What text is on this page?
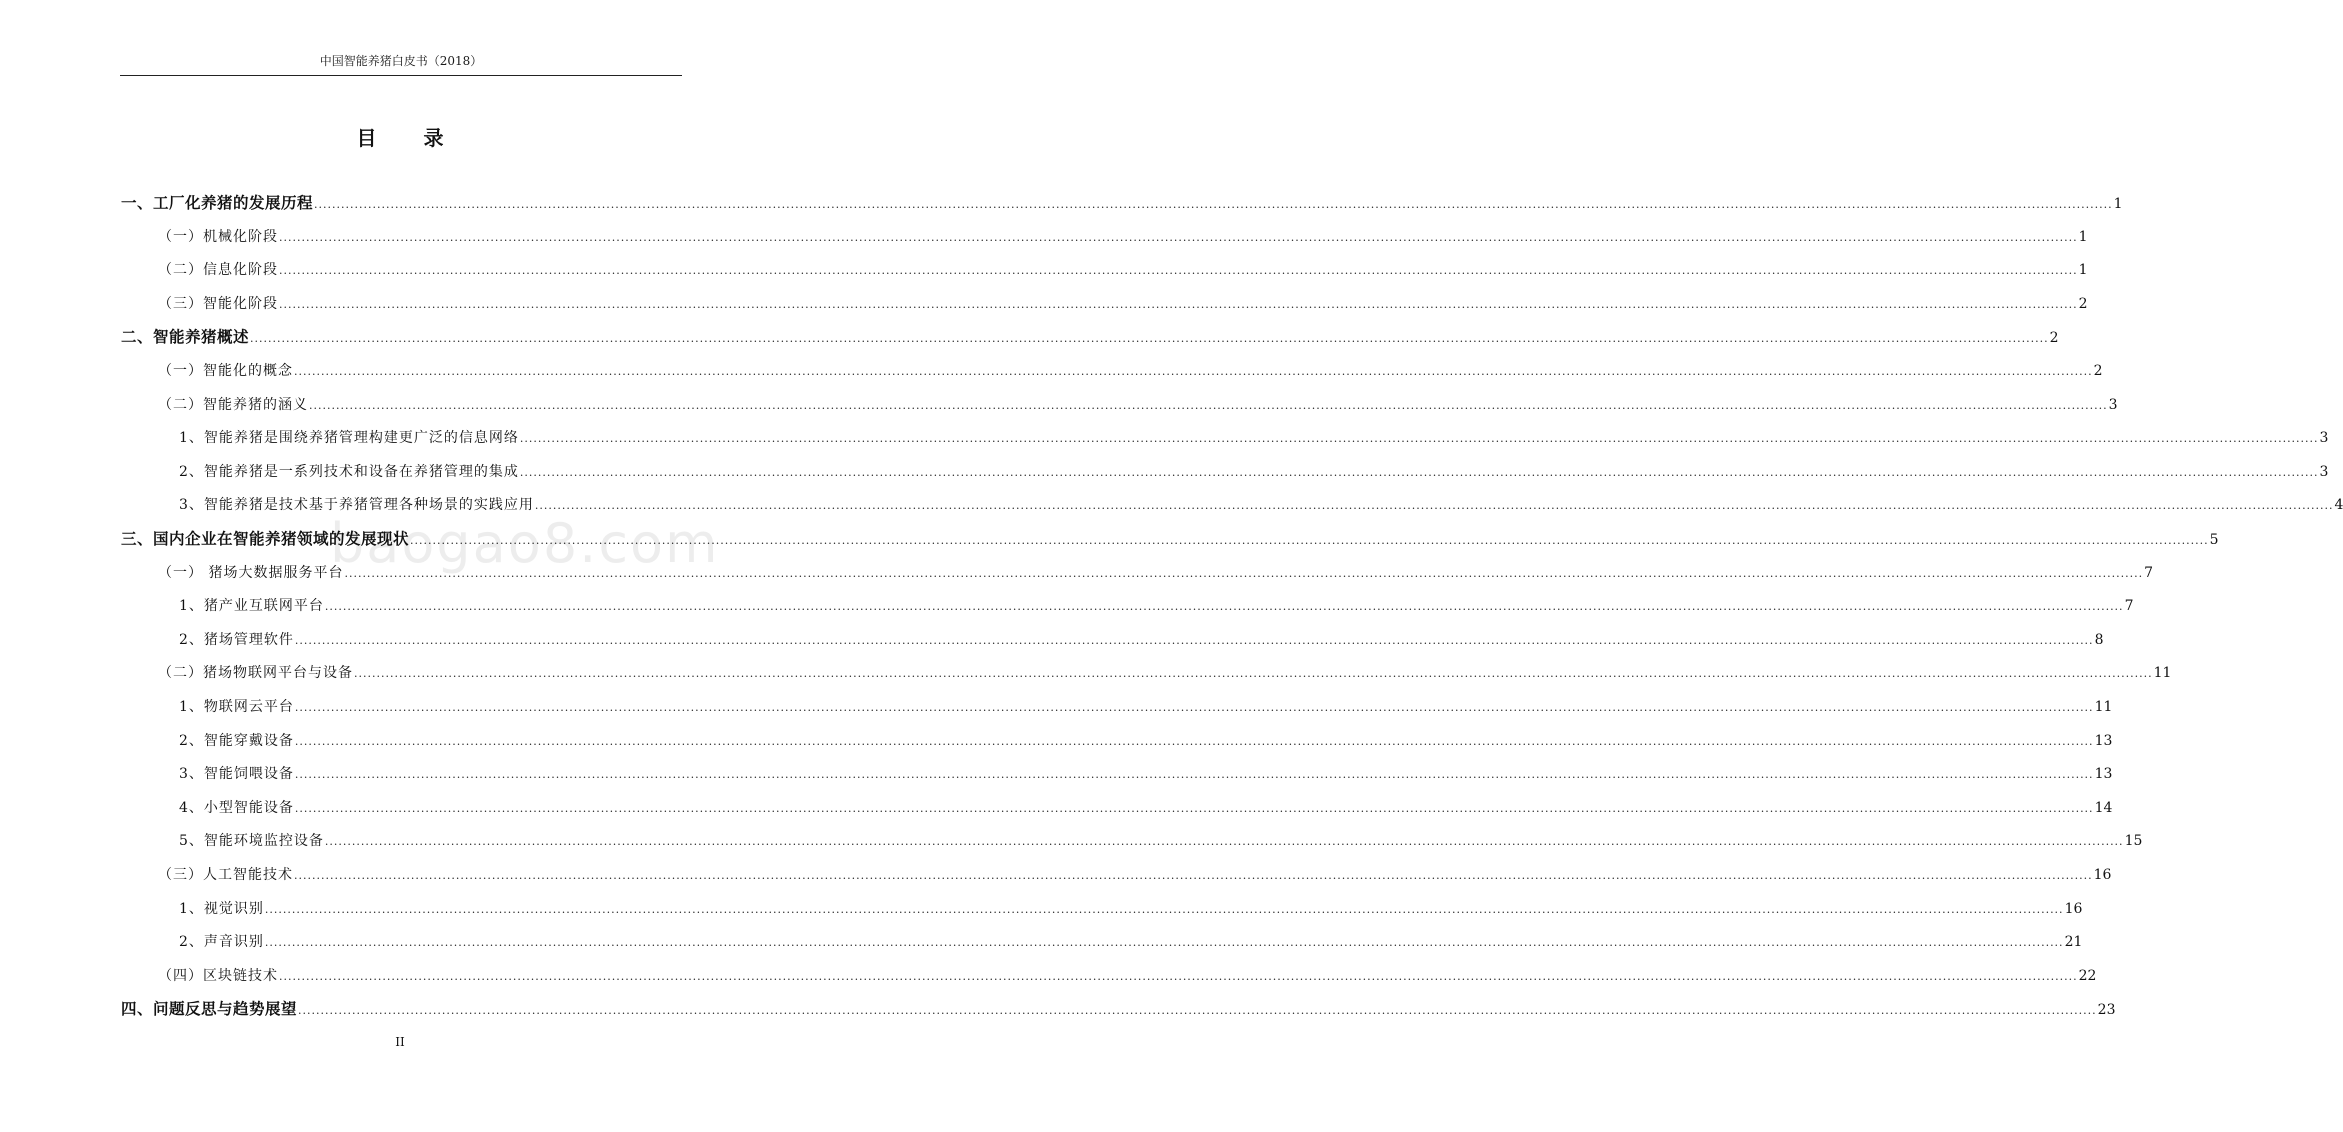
中国智能养猪白皮书（2018）
目 录
baogao8.com
一、工厂化养猪的发展历程 ................................................................................................................................................................................................................................................................................................................................................................................................................ 1
（一）机械化阶段 ................................................................................................................................................................................................................................................................................................................................................................................................................ 1
（二）信息化阶段 ................................................................................................................................................................................................................................................................................................................................................................................................................ 1
（三）智能化阶段 ................................................................................................................................................................................................................................................................................................................................................................................................................ 2
二、智能养猪概述 ................................................................................................................................................................................................................................................................................................................................................................................................................ 2
（一）智能化的概念 ................................................................................................................................................................................................................................................................................................................................................................................................................ 2
（二）智能养猪的涵义 ................................................................................................................................................................................................................................................................................................................................................................................................................ 3
1、智能养猪是围绕养猪管理构建更广泛的信息网络 ................................................................................................................................................................................................................................................................................................................................................................................................................ 3
2、智能养猪是一系列技术和设备在养猪管理的集成 ................................................................................................................................................................................................................................................................................................................................................................................................................ 3
3、智能养猪是技术基于养猪管理各种场景的实践应用 ................................................................................................................................................................................................................................................................................................................................................................................................................ 4
三、国内企业在智能养猪领域的发展现状 ................................................................................................................................................................................................................................................................................................................................................................................................................ 5
（一） 猪场大数据服务平台 ................................................................................................................................................................................................................................................................................................................................................................................................................ 7
1、猪产业互联网平台 ................................................................................................................................................................................................................................................................................................................................................................................................................ 7
2、猪场管理软件 ................................................................................................................................................................................................................................................................................................................................................................................................................ 8
（二）猪场物联网平台与设备 ................................................................................................................................................................................................................................................................................................................................................................................................................ 11
1、物联网云平台 ................................................................................................................................................................................................................................................................................................................................................................................................................ 11
2、智能穿戴设备 ................................................................................................................................................................................................................................................................................................................................................................................................................ 13
3、智能饲喂设备 ................................................................................................................................................................................................................................................................................................................................................................................................................ 13
4、小型智能设备 ................................................................................................................................................................................................................................................................................................................................................................................................................ 14
5、智能环境监控设备 ................................................................................................................................................................................................................................................................................................................................................................................................................ 15
（三）人工智能技术 ................................................................................................................................................................................................................................................................................................................................................................................................................ 16
1、视觉识别 ................................................................................................................................................................................................................................................................................................................................................................................................................ 16
2、声音识别 ................................................................................................................................................................................................................................................................................................................................................................................................................ 21
（四）区块链技术 ................................................................................................................................................................................................................................................................................................................................................................................................................ 22
四、问题反思与趋势展望 ................................................................................................................................................................................................................................................................................................................................................................................................................ 23
II
